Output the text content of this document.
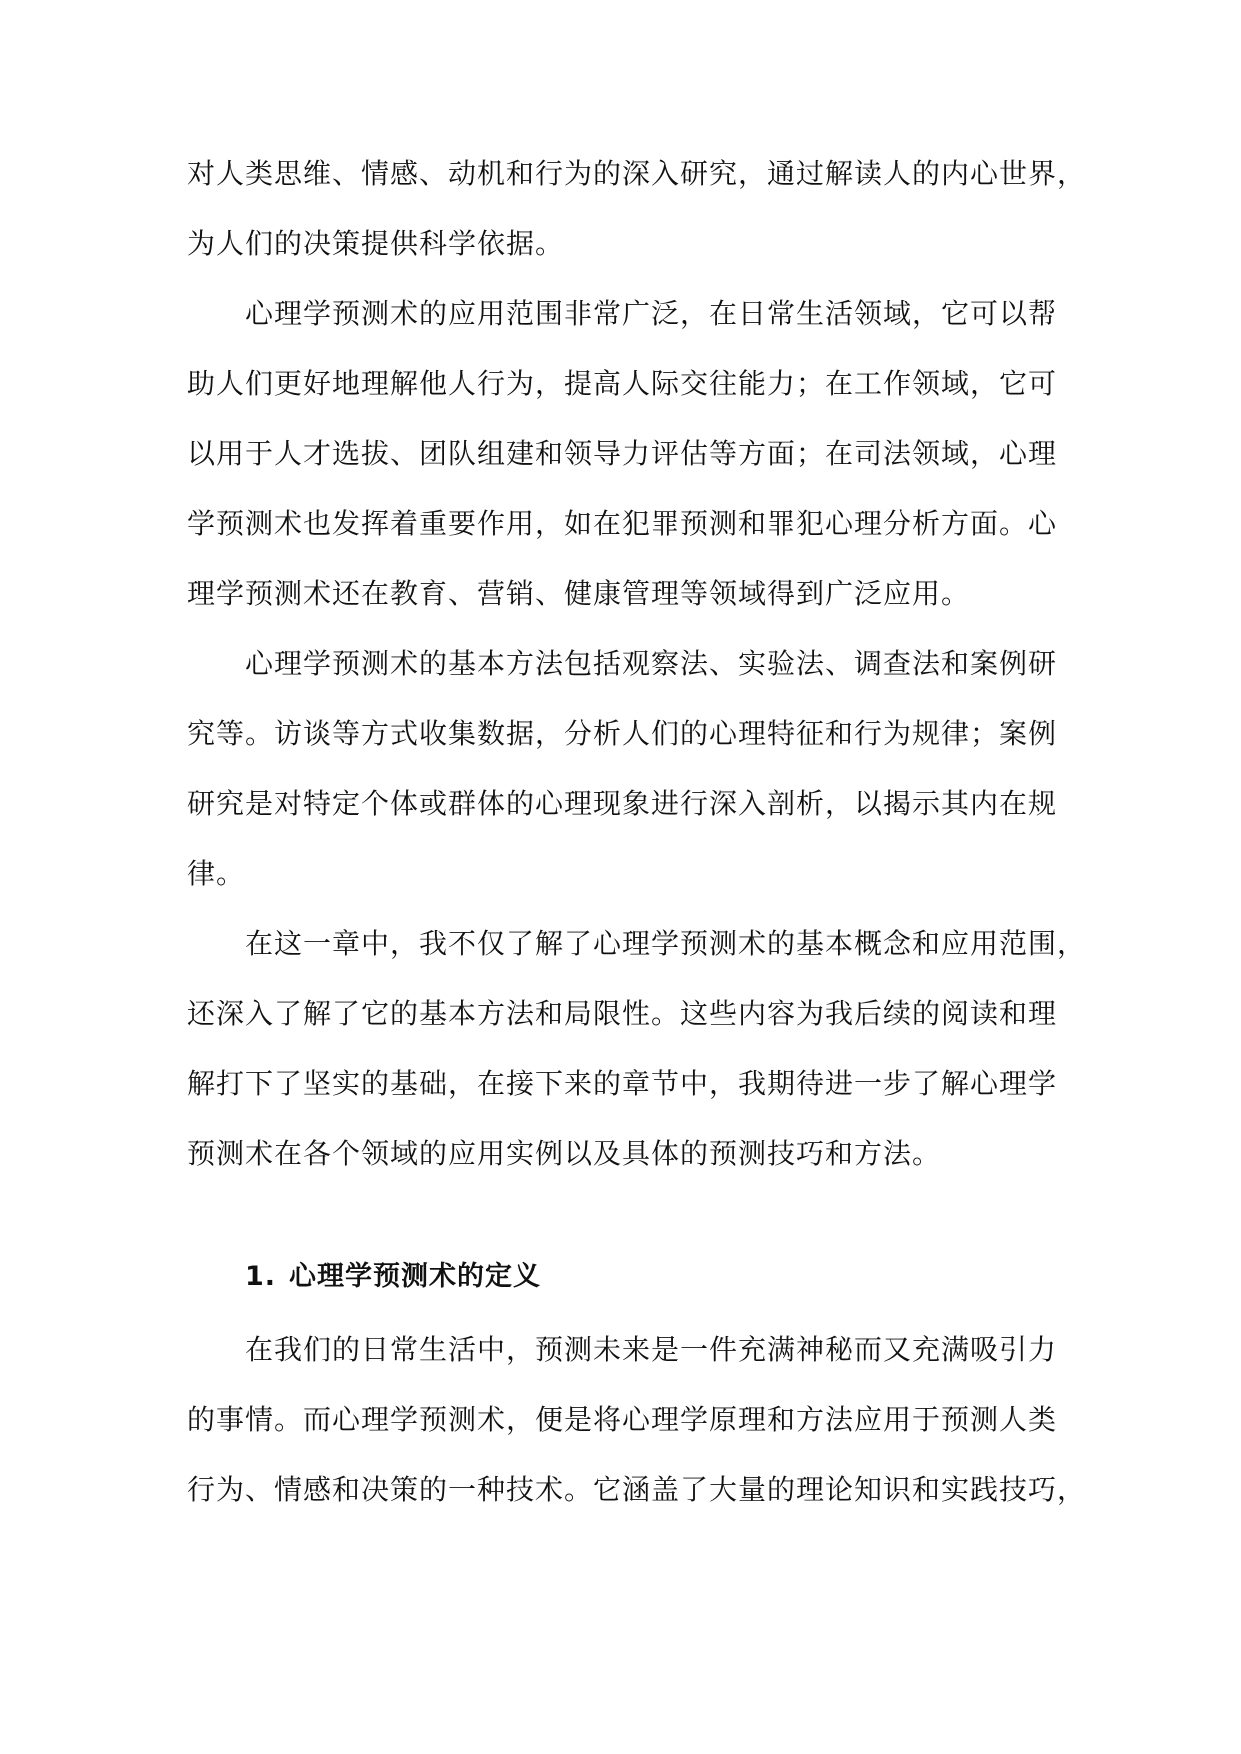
对人类思维、情感、动机和行为的深入研究，通过解读人的内心世界，
为人们的决策提供科学依据。
心理学预测术的应用范围非常广泛，在日常生活领域，它可以帮
助人们更好地理解他人行为，提高人际交往能力；在工作领域，它可
以用于人才选拔、团队组建和领导力评估等方面；在司法领域，心理
学预测术也发挥着重要作用，如在犯罪预测和罪犯心理分析方面。心
理学预测术还在教育、营销、健康管理等领域得到广泛应用。
心理学预测术的基本方法包括观察法、实验法、调查法和案例研
究等。访谈等方式收集数据，分析人们的心理特征和行为规律；案例
研究是对特定个体或群体的心理现象进行深入剖析，以揭示其内在规
律。
在这一章中，我不仅了解了心理学预测术的基本概念和应用范围，
还深入了解了它的基本方法和局限性。这些内容为我后续的阅读和理
解打下了坚实的基础，在接下来的章节中，我期待进一步了解心理学
预测术在各个领域的应用实例以及具体的预测技巧和方法。
1. 心理学预测术的定义
在我们的日常生活中，预测未来是一件充满神秘而又充满吸引力
的事情。而心理学预测术，便是将心理学原理和方法应用于预测人类
行为、情感和决策的一种技术。它涵盖了大量的理论知识和实践技巧，
